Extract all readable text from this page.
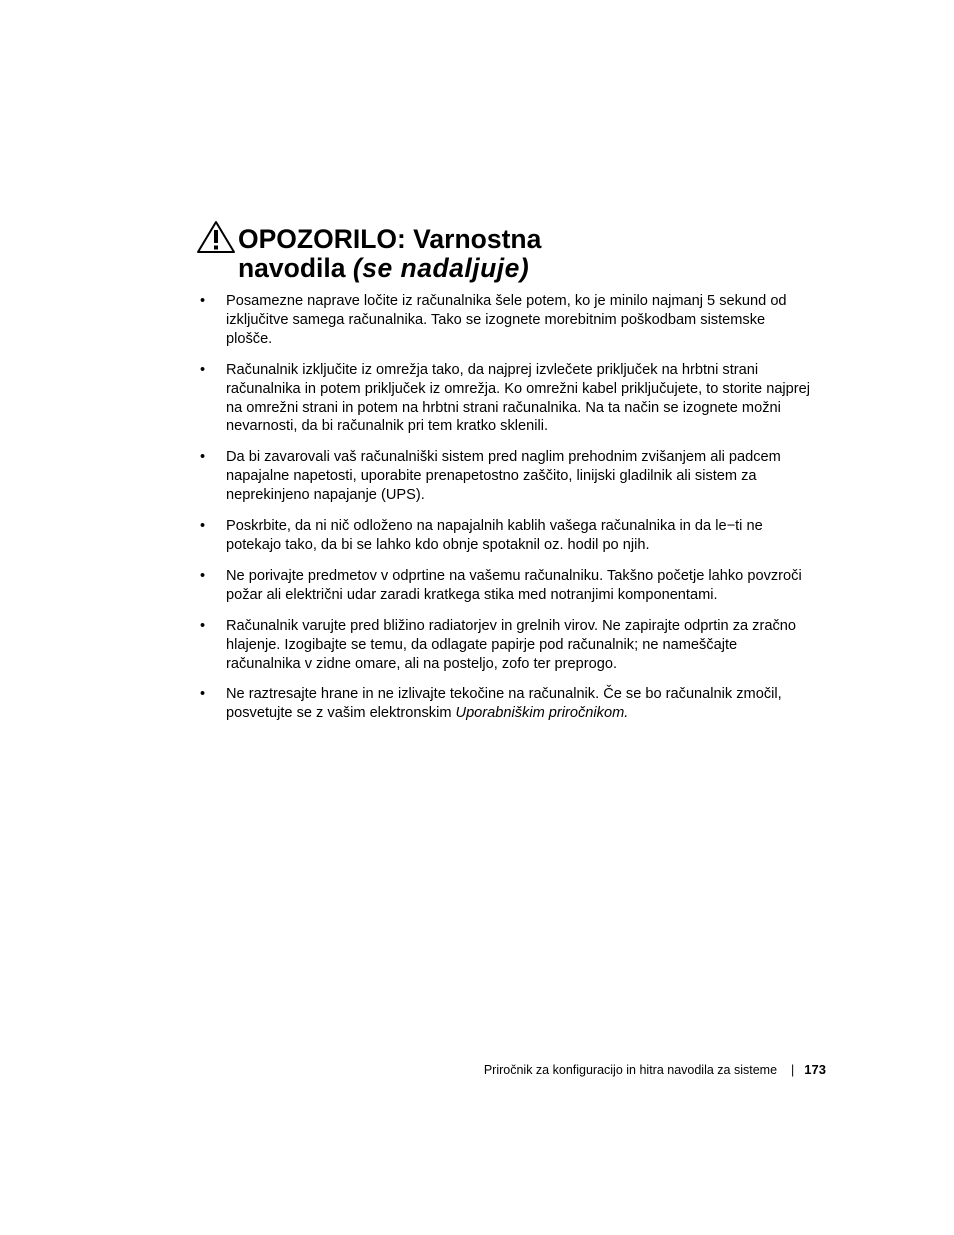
OPOZORILO: Varnostna
navodila (se nadaljuje)
• Posamezne naprave ločite iz računalnika šele potem, ko je minilo najmanj 5 sekund od izključitve samega računalnika. Tako se izognete morebitnim poškodbam sistemske plošče.
• Računalnik izključite iz omrežja tako, da najprej izvlečete priključek na hrbtni strani računalnika in potem priključek iz omrežja. Ko omrežni kabel priključujete, to storite najprej na omrežni strani in potem na hrbtni strani računalnika. Na ta način se izognete možni nevarnosti, da bi računalnik pri tem kratko sklenili.
• Da bi zavarovali vaš računalniški sistem pred naglim prehodnim zvišanjem ali padcem napajalne napetosti, uporabite prenapetostno zaščito, linijski gladilnik ali sistem za neprekinjeno napajanje (UPS).
• Poskrbite, da ni nič odloženo na napajalnih kablih vašega računalnika in da le−ti ne potekajo tako, da bi se lahko kdo obnje spotaknil oz. hodil po njih.
• Ne porivajte predmetov v odprtine na vašemu računalniku. Takšno početje lahko povzroči požar ali električni udar zaradi kratkega stika med notranjimi komponentami.
• Računalnik varujte pred bližino radiatorjev in grelnih virov. Ne zapirajte odprtin za zračno hlajenje. Izogibajte se temu, da odlagate papirje pod računalnik; ne nameščajte računalnika v zidne omare, ali na posteljo, zofo ter preprogo.
• Ne raztresajte hrane in ne izlivajte tekočine na računalnik. Če se bo računalnik zmočil, posvetujte se z vašim elektronskim Uporabniškim priročnikom.
Priročnik za konfiguracijo in hitra navodila za sisteme | 173
